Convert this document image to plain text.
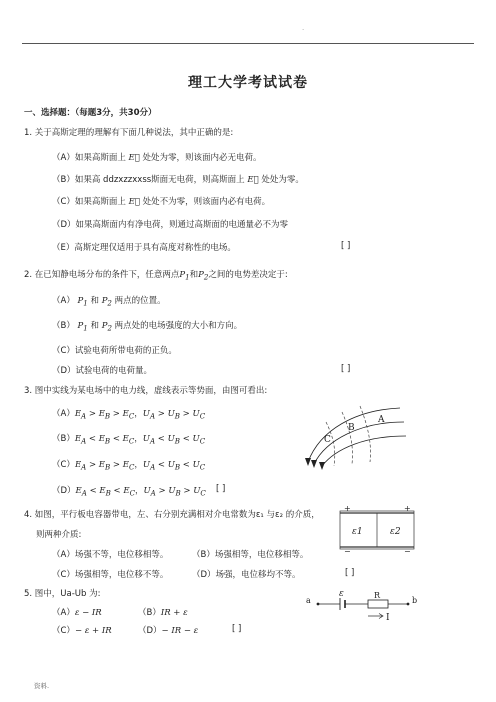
.
理工大学考试试卷
一、选择题：（每题3分，共30分）
1. 关于高斯定理的理解有下面几种说法，其中正确的是:
（A）如果高斯面上 E⃗ 处处为零，则该面内必无电荷。
（B）如果高 ddzxzzxxss斯面无电荷，则高斯面上 E⃗ 处处为零。
（C）如果高斯面上 E⃗ 处处不为零，则该面内必有电荷。
（D）如果高斯面内有净电荷，则通过高斯面的电通量必不为零
（E）高斯定理仅适用于具有高度对称性的电场。	[ ]
2. 在已知静电场分布的条件下，任意两点$P_1$和$P_2$之间的电势差决定于:
（A） $P_1$ 和 $P_2$ 两点的位置。
（B） $P_1$ 和 $P_2$ 两点处的电场强度的大小和方向。
（C）试验电荷所带电荷的正负。
（D）试验电荷的电荷量。	[ ]
3. 图中实线为某电场中的电力线，虚线表示等势面，由图可看出:
$(A)E_A > E_B > E_C$，$U_A > U_B > U_C$
$(B)E_A < E_B < E_C$，$U_A < U_B < U_C$
$(C)E_A > E_B > E_C$，$U_A < U_B < U_C$
$(D)E_A < E_B < E_C$，$U_A > U_B > U_C$ [ ]
A
B
C
4. 如图，平行板电容器带电，左、右分别充满相对介电常数为ε₁ 与ε₂ 的介质，
则两种介质:
（A）场强不等，电位移相等。	（B）场强相等，电位移相等。
（C）场强相等，电位移不等。	（D）场强，电位移均不等。	[ ]
+	+
−	−
ε1	ε2
5. 图中，Ua-Ub 为:
（A）ε − IR	（B）IR + ε
（C）− ε + IR	（D）− IR − ε	[ ]
a	b
ε	R
I
资料.
